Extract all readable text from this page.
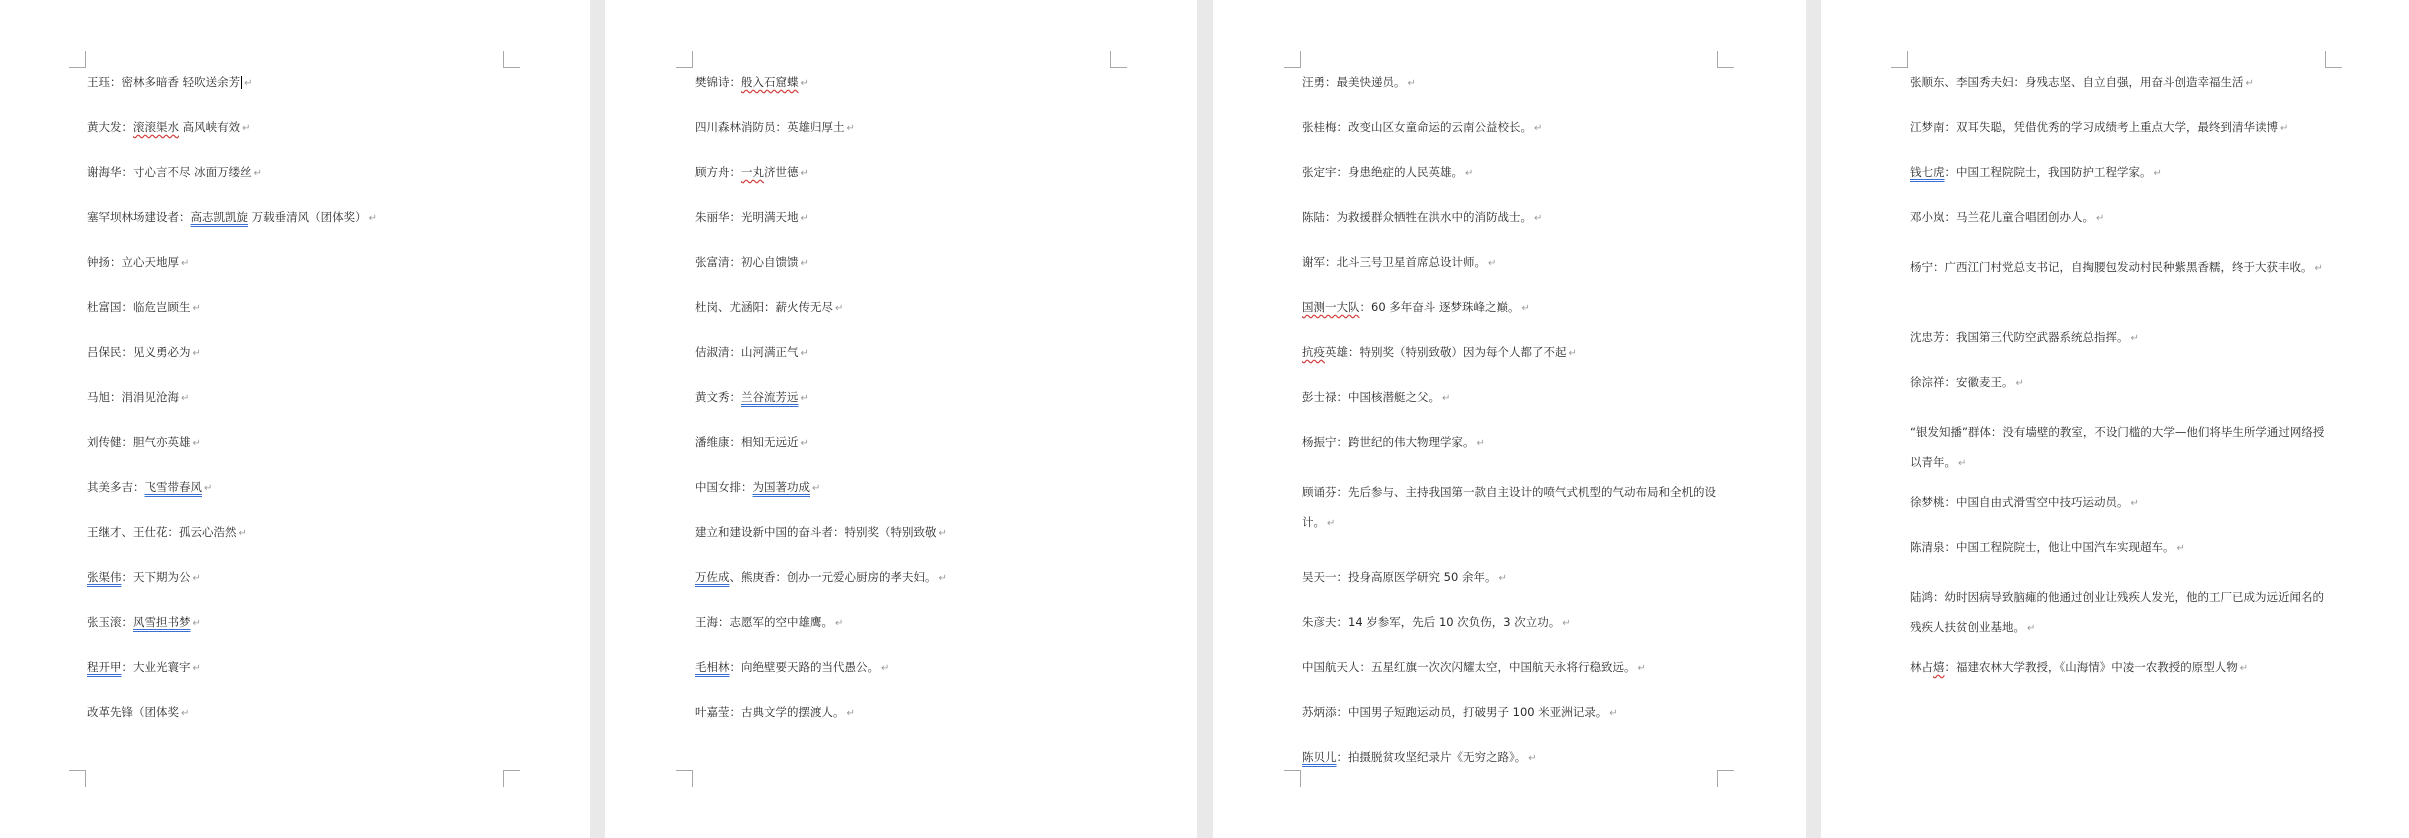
王珏：密林多暗香 轻吹送余芳 ↵
黄大发：滚滚渠水 高风峡有效 ↵
谢海华：寸心言不尽 冰面万缕丝 ↵
塞罕坝林场建设者：高志凯凯旋 万载垂清风（团体奖） ↵
钟扬：立心天地厚 ↵
杜富国：临危岂顾生 ↵
吕保民：见义勇必为 ↵
马旭：涓涓见沧海 ↵
刘传健：胆气亦英雄 ↵
其美多吉：飞雪带春风 ↵
王继才、王仕花：孤云心浩然 ↵
张渠伟：天下期为公 ↵
张玉滚：风雪担书梦 ↵
程开甲：大业光寰宇 ↵
改革先锋（团体奖 ↵
樊锦诗：般入石窟蝶 ↵
四川森林消防员：英雄归厚土 ↵
顾方舟：一丸济世德 ↵
朱丽华：光明满天地 ↵
张富清：初心自馈馈 ↵
杜岗、尤涵阳：薪火传无尽 ↵
佶淑清：山河满正气 ↵
黄文秀：兰谷流芳远 ↵
潘维康：相知无远近 ↵
中国女排：为国著功成 ↵
建立和建设新中国的奋斗者：特别奖（特别致敬 ↵
万佐成、熊庚香：创办一元爱心厨房的孝夫妇。 ↵
王海：志愿军的空中雄鹰。 ↵
毛相林：向绝壁要天路的当代愚公。 ↵
叶嘉莹：古典文学的摆渡人。 ↵
汪勇：最美快递员。 ↵
张桂梅：改变山区女童命运的云南公益校长。 ↵
张定宇：身患绝症的人民英雄。 ↵
陈陆：为救援群众牺牲在洪水中的消防战士。 ↵
谢军：北斗三号卫星首席总设计师。 ↵
国测一大队：60 多年奋斗 逐梦珠峰之巅。 ↵
抗疫英雄：特别奖（特别致敬）因为每个人都了不起 ↵
彭士禄：中国核潜艇之父。 ↵
杨振宁：跨世纪的伟大物理学家。 ↵
顾诵芬：先后参与、主持我国第一款自主设计的喷气式机型的气动布局和全机的设计。 ↵
吴天一：投身高原医学研究 50 余年。 ↵
朱彦夫：14 岁参军，先后 10 次负伤，3 次立功。 ↵
中国航天人：五星红旗一次次闪耀太空，中国航天永将行稳致远。 ↵
苏炳添：中国男子短跑运动员，打破男子 100 米亚洲记录。 ↵
陈贝儿：拍摄脱贫攻坚纪录片《无穷之路》。 ↵
张顺东、李国秀夫妇：身残志坚、自立自强，用奋斗创造幸福生活 ↵
江梦南：双耳失聪，凭借优秀的学习成绩考上重点大学，最终到清华读博 ↵
钱七虎：中国工程院院士，我国防护工程学家。 ↵
邓小岚：马兰花儿童合唱团创办人。 ↵
杨宁：广西江门村党总支书记，自掏腰包发动村民种紫黑香糯，终于大获丰收。 ↵
沈忠芳：我国第三代防空武器系统总指挥。 ↵
徐淙祥：安徽麦王。 ↵
“银发知播”群体：没有墙壁的教室，不设门槛的大学—他们将毕生所学通过网络授以青年。 ↵
徐梦桃：中国自由式滑雪空中技巧运动员。 ↵
陈清泉：中国工程院院士，他让中国汽车实现超车。 ↵
陆鸿：幼时因病导致脑瘫的他通过创业让残疾人发光，他的工厂已成为远近闻名的残疾人扶贫创业基地。 ↵
林占熺：福建农林大学教授，《山海情》中凌一农教授的原型人物 ↵
